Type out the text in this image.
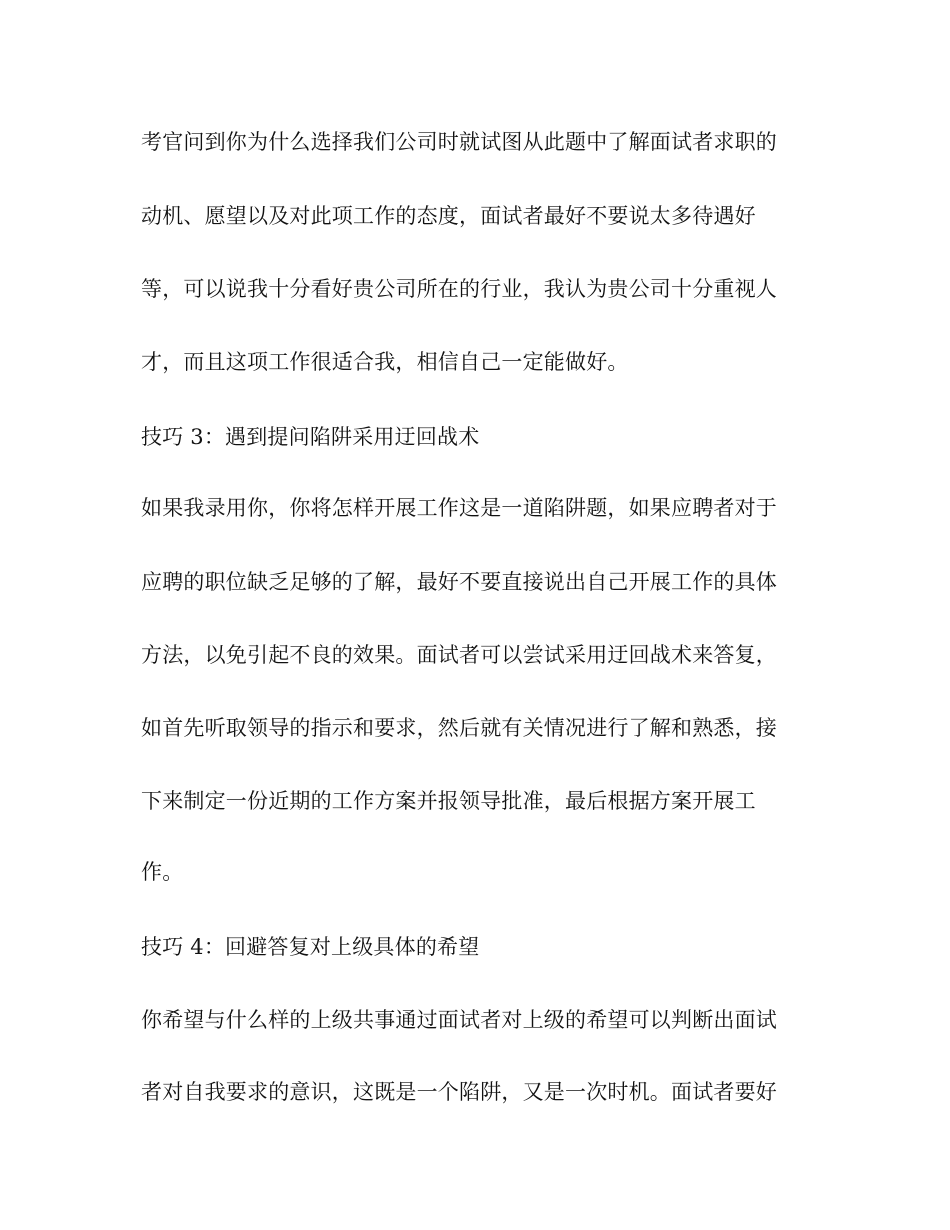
考官问到你为什么选择我们公司时就试图从此题中了解面试者求职的
动机、愿望以及对此项工作的态度，面试者最好不要说太多待遇好
等，可以说我十分看好贵公司所在的行业，我认为贵公司十分重视人
才，而且这项工作很适合我，相信自己一定能做好。
技巧 3：遇到提问陷阱采用迂回战术
如果我录用你，你将怎样开展工作这是一道陷阱题，如果应聘者对于
应聘的职位缺乏足够的了解，最好不要直接说出自己开展工作的具体
方法，以免引起不良的效果。面试者可以尝试采用迂回战术来答复，
如首先听取领导的指示和要求，然后就有关情况进行了解和熟悉，接
下来制定一份近期的工作方案并报领导批准，最后根据方案开展工
作。
技巧 4：回避答复对上级具体的希望
你希望与什么样的上级共事通过面试者对上级的希望可以判断出面试
者对自我要求的意识，这既是一个陷阱，又是一次时机。面试者要好
